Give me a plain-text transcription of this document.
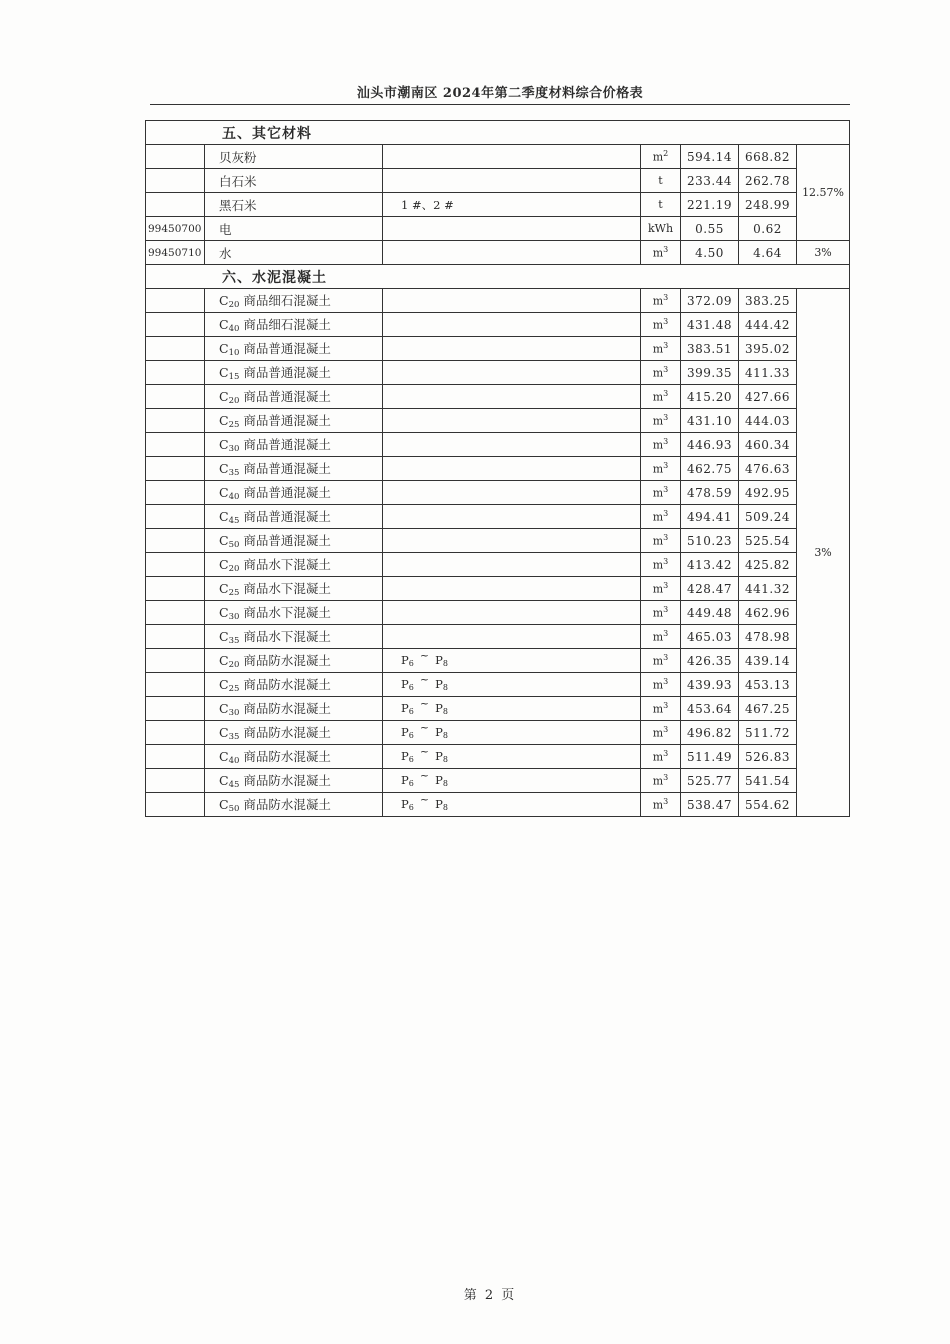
汕头市潮南区 2024年第二季度材料综合价格表
五、其它材料						
	贝灰粉		$m^2$	594.14	668.82	12.57%
	白石米		t	233.44	262.78	
	黑石米	1 #、2 #	t	221.19	248.99	
99450700	电		kWh	0.55	0.62	
99450710	水		$m^3$	4.50	4.64	3%
六、水泥混凝土						
	$C_{20}$ 商品细石混凝土		$m^3$	372.09	383.25	3%
	$C_{40}$ 商品细石混凝土		$m^3$	431.48	444.42	
	$C_{10}$ 商品普通混凝土		$m^3$	383.51	395.02	
	$C_{15}$ 商品普通混凝土		$m^3$	399.35	411.33	
	$C_{20}$ 商品普通混凝土		$m^3$	415.20	427.66	
	$C_{25}$ 商品普通混凝土		$m^3$	431.10	444.03	
	$C_{30}$ 商品普通混凝土		$m^3$	446.93	460.34	
	$C_{35}$ 商品普通混凝土		$m^3$	462.75	476.63	
	$C_{40}$ 商品普通混凝土		$m^3$	478.59	492.95	
	$C_{45}$ 商品普通混凝土		$m^3$	494.41	509.24	
	$C_{50}$ 商品普通混凝土		$m^3$	510.23	525.54	
	$C_{20}$ 商品水下混凝土		$m^3$	413.42	425.82	
	$C_{25}$ 商品水下混凝土		$m^3$	428.47	441.32	
	$C_{30}$ 商品水下混凝土		$m^3$	449.48	462.96	
	$C_{35}$ 商品水下混凝土		$m^3$	465.03	478.98	
	$C_{20}$ 商品防水混凝土	$P_6\sim$ $P_8$	$m^3$	426.35	439.14	
	$C_{25}$ 商品防水混凝土	$P_6\sim$ $P_8$	$m^3$	439.93	453.13	
	$C_{30}$ 商品防水混凝土	$P_6\sim$ $P_8$	$m^3$	453.64	467.25	
	$C_{35}$ 商品防水混凝土	$P_6\sim$ $P_8$	$m^3$	496.82	511.72	
	$C_{40}$ 商品防水混凝土	$P_6\sim$ $P_8$	$m^3$	511.49	526.83	
	$C_{45}$ 商品防水混凝土	$P_6\sim$ $P_8$	$m^3$	525.77	541.54	
	$C_{50}$ 商品防水混凝土	$P_6\sim$ $P_8$	$m^3$	538.47	554.62	
第 2 页
